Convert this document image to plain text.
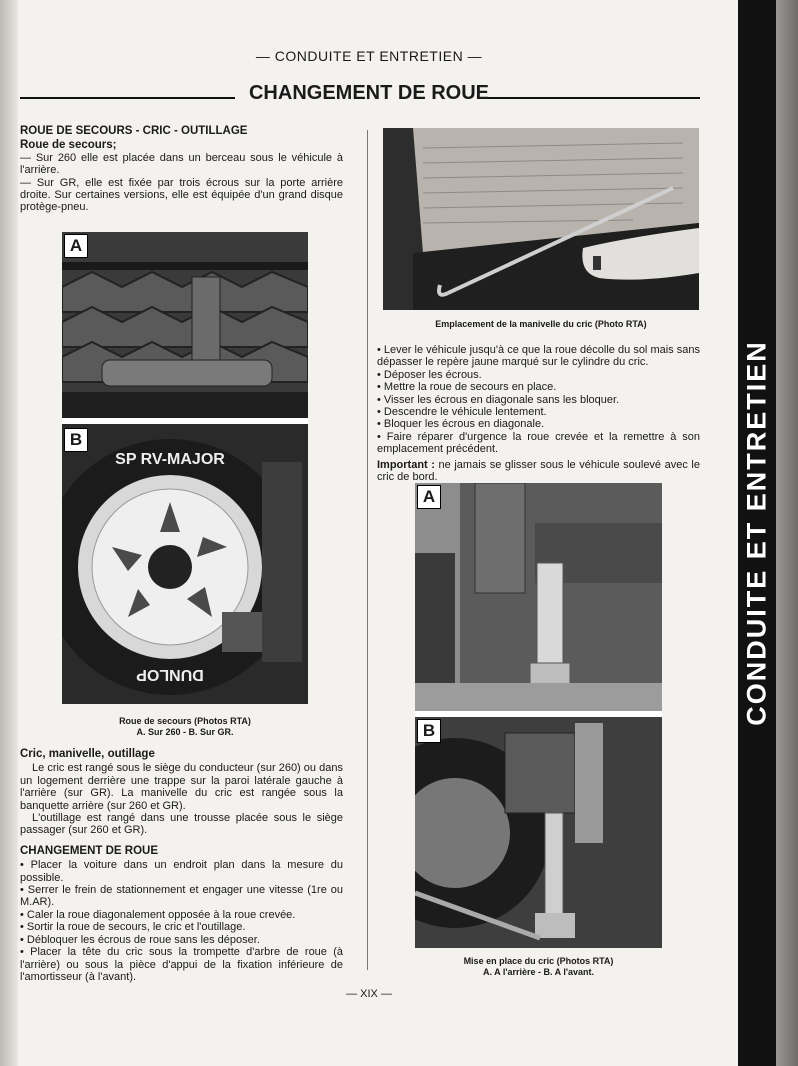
CONDUITE ET ENTRETIEN
— CONDUITE ET ENTRETIEN —
CHANGEMENT DE ROUE

ROUE DE SECOURS - CRIC - OUTILLAGE

Roue de secours;

— Sur 260 elle est placée dans un berceau sous le véhicule à l'arrière.

— Sur GR, elle est fixée par trois écrous sur la porte arrière droite. Sur certaines versions, elle est équipée d'un grand disque protège-pneu.

SP RV-MAJOR
DUNLOP
A
B
Roue de secours (Photos RTA)
A. Sur 260 - B. Sur GR.

Cric, manivelle, outillage

Le cric est rangé sous le siège du conducteur (sur 260) ou dans un logement derrière une trappe sur la paroi latérale gauche à l'arrière (sur GR). La manivelle du cric est rangée sous la banquette arrière (sur 260 et GR).

L'outillage est rangé dans une trousse placée sous le siège passager (sur 260 et GR).

CHANGEMENT DE ROUE

• Placer la voiture dans un endroit plan dans la mesure du possible.

• Serrer le frein de stationnement et engager une vitesse (1re ou M.AR).

• Caler la roue diagonalement opposée à la roue crevée.

• Sortir la roue de secours, le cric et l'outillage.

• Débloquer les écrous de roue sans les déposer.

• Placer la tête du cric sous la trompette d'arbre de roue (à l'arrière) ou sous la pièce d'appui de la fixation inférieure de l'amortisseur (à l'avant).

Emplacement de la manivelle du cric (Photo RTA)

• Lever le véhicule jusqu'à ce que la roue décolle du sol mais sans dépasser le repère jaune marqué sur le cylindre du cric.

• Déposer les écrous.

• Mettre la roue de secours en place.

• Visser les écrous en diagonale sans les bloquer.

• Descendre le véhicule lentement.

• Bloquer les écrous en diagonale.

• Faire réparer d'urgence la roue crevée et la remettre à son emplacement précédent.

Important : ne jamais se glisser sous le véhicule soulevé avec le cric de bord.

A
B
Mise en place du cric (Photos RTA)
A. A l'arrière - B. A l'avant.
— XIX —
